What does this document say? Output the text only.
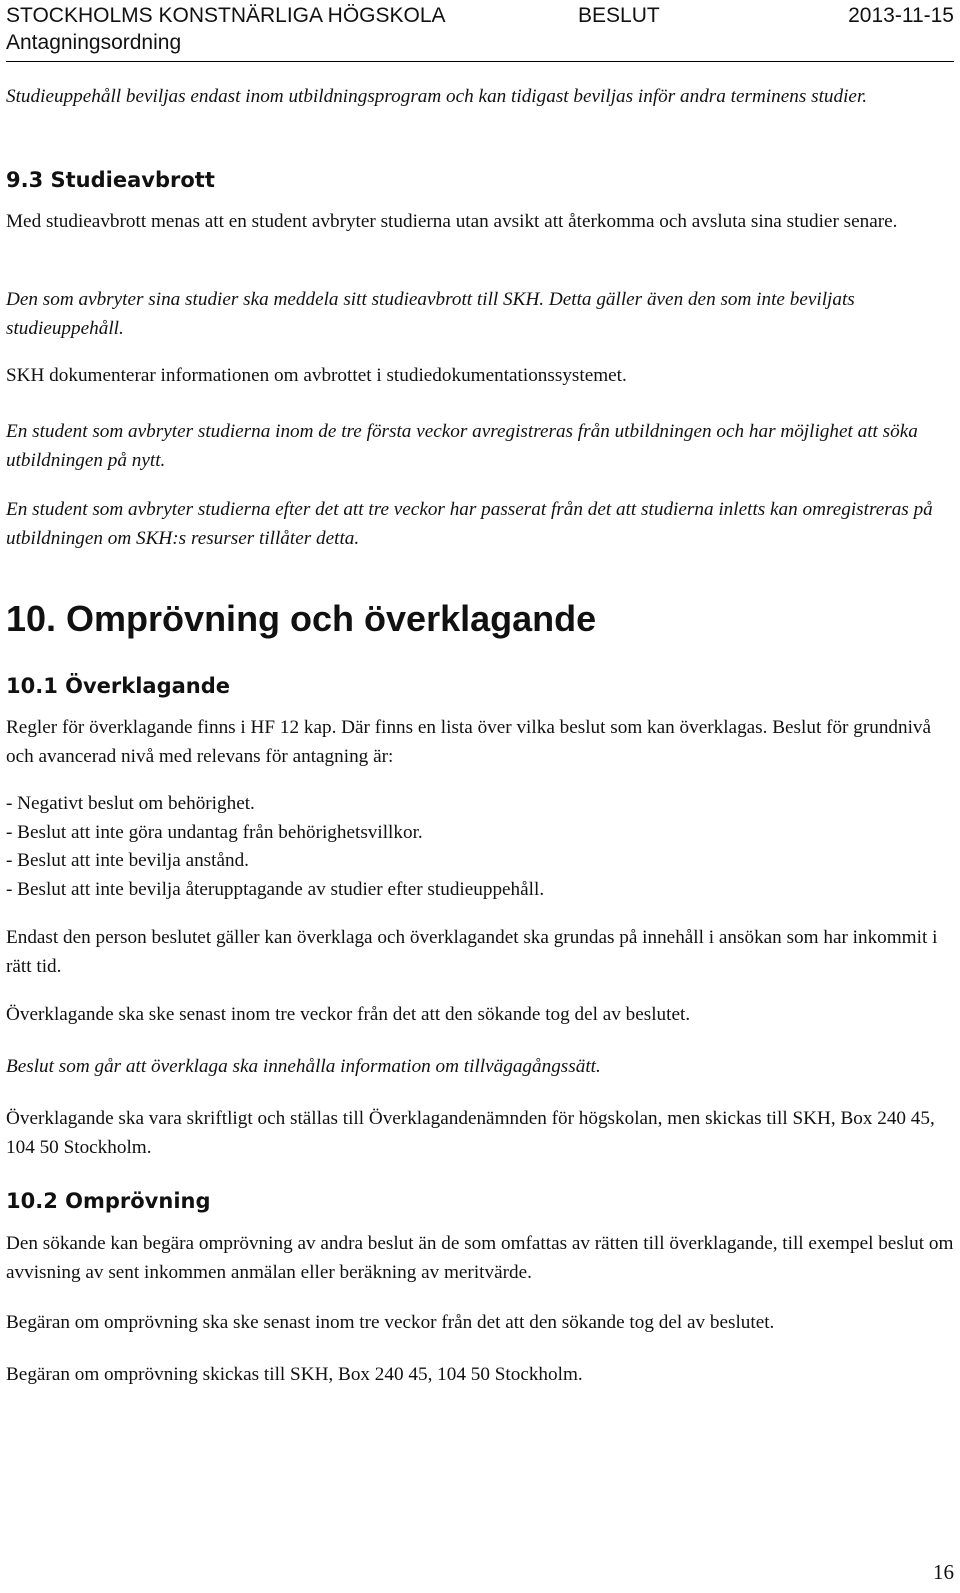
STOCKHOLMS KONSTNÄRLIGA HÖGSKOLA	BESLUT	2013-11-15
Antagningsordning

Studieuppehåll beviljas endast inom utbildningsprogram och kan tidigast beviljas inför andra terminens studier.

9.3 Studieavbrott

Med studieavbrott menas att en student avbryter studierna utan avsikt att återkomma och avsluta sina studier senare.

Den som avbryter sina studier ska meddela sitt studieavbrott till SKH. Detta gäller även den som inte beviljats studieuppehåll.

SKH dokumenterar informationen om avbrottet i studiedokumentationssystemet.

En student som avbryter studierna inom de tre första veckor avregistreras från utbildningen och har möjlighet att söka utbildningen på nytt.

En student som avbryter studierna efter det att tre veckor har passerat från det att studierna inletts kan omregistreras på utbildningen om SKH:s resurser tillåter detta.

10. Omprövning och överklagande
10.1 Överklagande

Regler för överklagande finns i HF 12 kap. Där finns en lista över vilka beslut som kan överklagas. Beslut för grundnivå och avancerad nivå med relevans för antagning är:

- Negativt beslut om behörighet.

- Beslut att inte göra undantag från behörighetsvillkor.

- Beslut att inte bevilja anstånd.

- Beslut att inte bevilja återupptagande av studier efter studieuppehåll.

Endast den person beslutet gäller kan överklaga och överklagandet ska grundas på innehåll i ansökan som har inkommit i rätt tid.

Överklagande ska ske senast inom tre veckor från det att den sökande tog del av beslutet.

Beslut som går att överklaga ska innehålla information om tillvägagångssätt.

Överklagande ska vara skriftligt och ställas till Överklagandenämnden för högskolan, men skickas till SKH, Box 240 45, 104 50 Stockholm.

10.2 Omprövning

Den sökande kan begära omprövning av andra beslut än de som omfattas av rätten till överklagande, till exempel beslut om avvisning av sent inkommen anmälan eller beräkning av meritvärde.

Begäran om omprövning ska ske senast inom tre veckor från det att den sökande tog del av beslutet.

Begäran om omprövning skickas till SKH, Box 240 45, 104 50 Stockholm.

16
